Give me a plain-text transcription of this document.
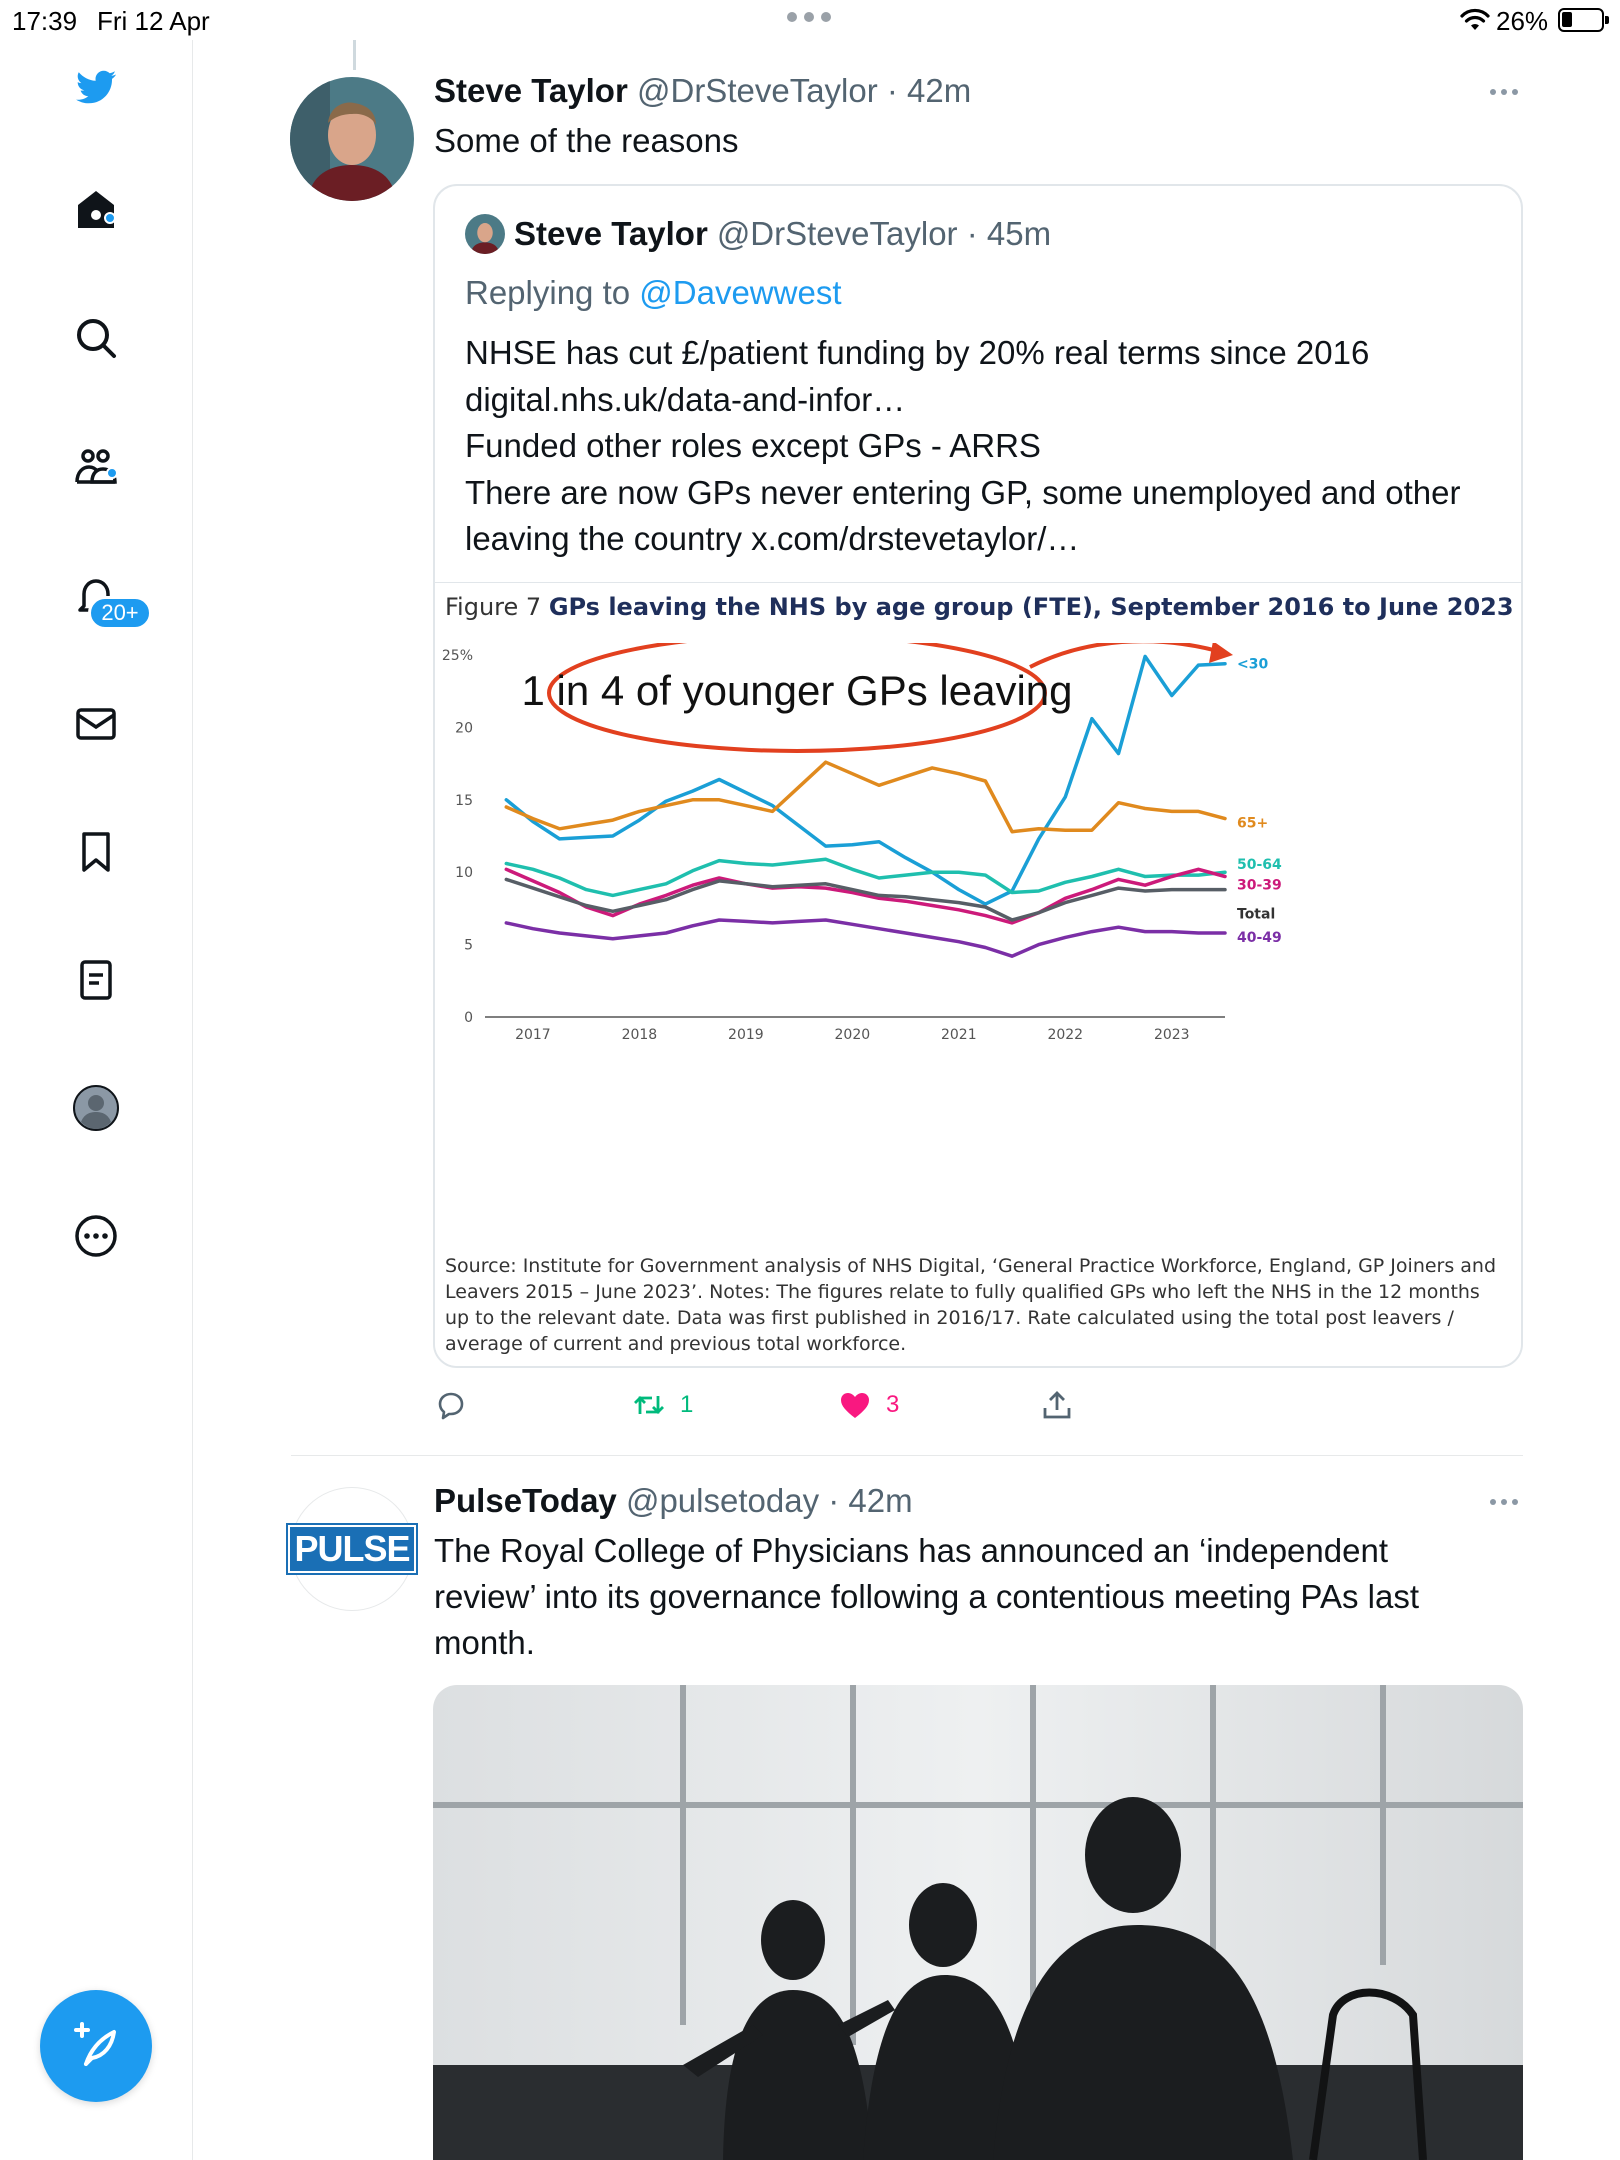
17:39 Fri 12 Apr	26%
20+
Steve Taylor @DrSteveTaylor · 42m
Some of the reasons
Steve Taylor @DrSteveTaylor · 45m
Replying to @Davewwest
NHSE has cut £/patient funding by 20% real terms since 2016
digital.nhs.uk/data-and-infor…
Funded other roles except GPs - ARRS
There are now GPs never entering GP, some unemployed and other leaving the country x.com/drstevetaylor/…
Figure 7 GPs leaving the NHS by age group (FTE), September 2016 to June 2023
0
5
10
15
20
25%
2017	2018	2019	2020	2021	2022	2023
<30
65+
50-64
30-39
Total
40-49
1 in 4 of younger GPs leaving
Source: Institute for Government analysis of NHS Digital, ‘General Practice Workforce, England, GP Joiners and Leavers 2015 – June 2023’. Notes: The figures relate to fully qualified GPs who left the NHS in the 12 months up to the relevant date. Data was first published in 2016/17. Rate calculated using the total post leavers / average of current and previous total workforce.
1	3
PULSE
PulseToday @pulsetoday · 42m
The Royal College of Physicians has announced an ‘independent review’ into its governance following a contentious meeting PAs last month.
